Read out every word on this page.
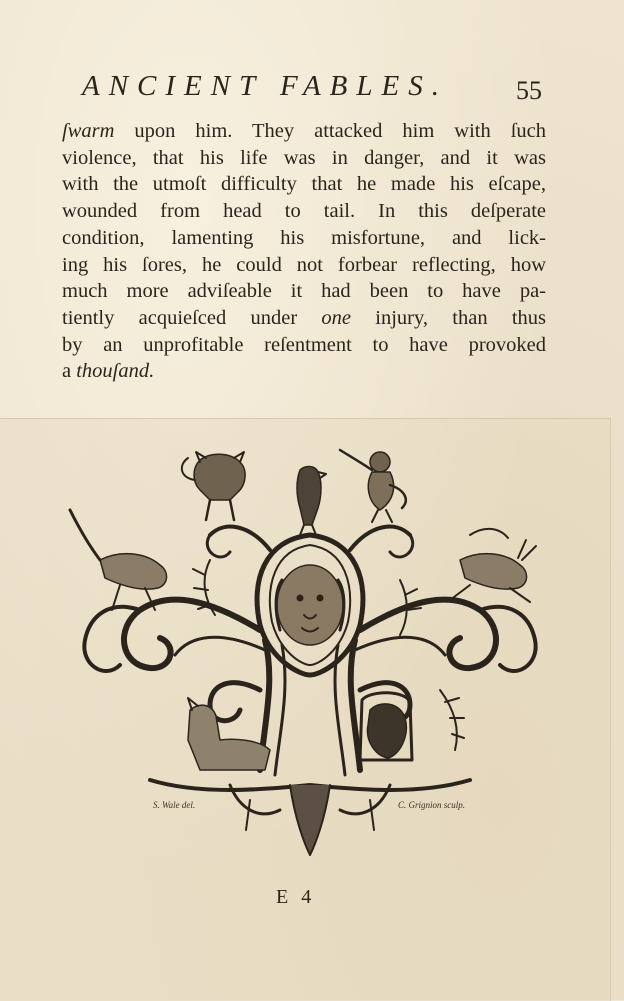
ANCIENT FABLES.	55
ſwarm upon him. They attacked him with ſuch
violence, that his life was in danger, and it was
with the utmoſt difficulty that he made his eſcape,
wounded from head to tail. In this deſperate
condition, lamenting his misfortune, and lick-
ing his ſores, he could not forbear reflecting, how
much more adviſeable it had been to have pa-
tiently acquieſced under one injury, than thus
by an unprofitable reſentment to have provoked
a thouſand.
S. Wale del.	C. Grignion sculp.
E 4
